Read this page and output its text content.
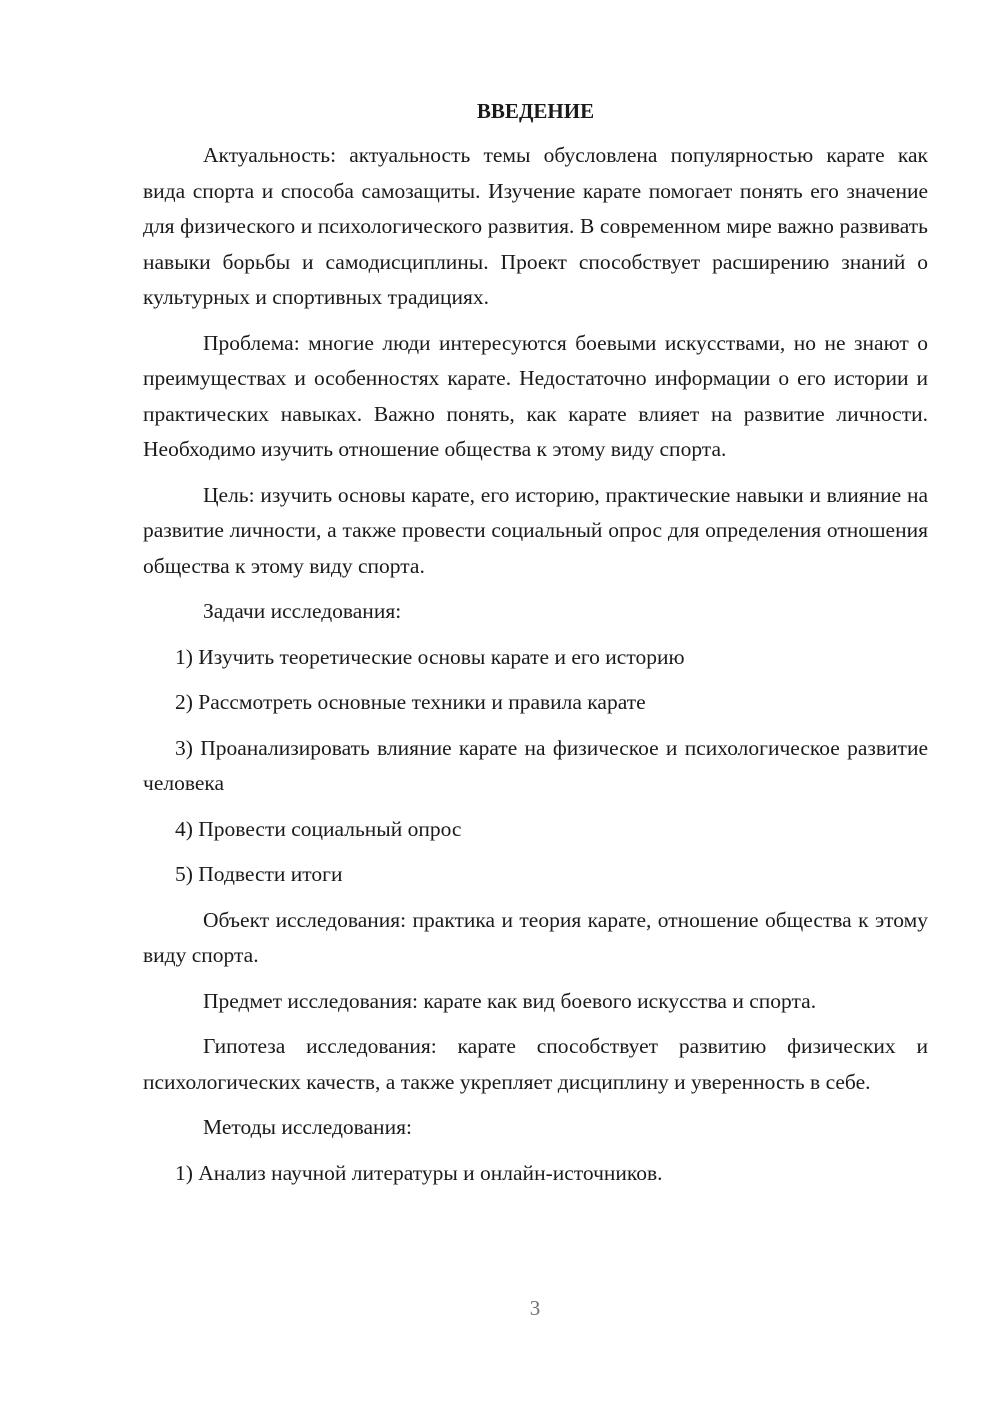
ВВЕДЕНИЕ

Актуальность: актуальность темы обусловлена популярностью карате как вида спорта и способа самозащиты. Изучение карате помогает понять его значение для физического и психологического развития. В современном мире важно развивать навыки борьбы и самодисциплины. Проект способствует расширению знаний о культурных и спортивных традициях.

Проблема: многие люди интересуются боевыми искусствами, но не знают о преимуществах и особенностях карате. Недостаточно информации о его истории и практических навыках. Важно понять, как карате влияет на развитие личности. Необходимо изучить отношение общества к этому виду спорта.

Цель: изучить основы карате, его историю, практические навыки и влияние на развитие личности, а также провести социальный опрос для определения отношения общества к этому виду спорта.

Задачи исследования:

1) Изучить теоретические основы карате и его историю

2) Рассмотреть основные техники и правила карате

3) Проанализировать влияние карате на физическое и психологическое развитие человека

4) Провести социальный опрос

5) Подвести итоги

Объект исследования: практика и теория карате, отношение общества к этому виду спорта.

Предмет исследования: карате как вид боевого искусства и спорта.

Гипотеза исследования: карате способствует развитию физических и психологических качеств, а также укрепляет дисциплину и уверенность в себе.

Методы исследования:

1) Анализ научной литературы и онлайн-источников.

3
